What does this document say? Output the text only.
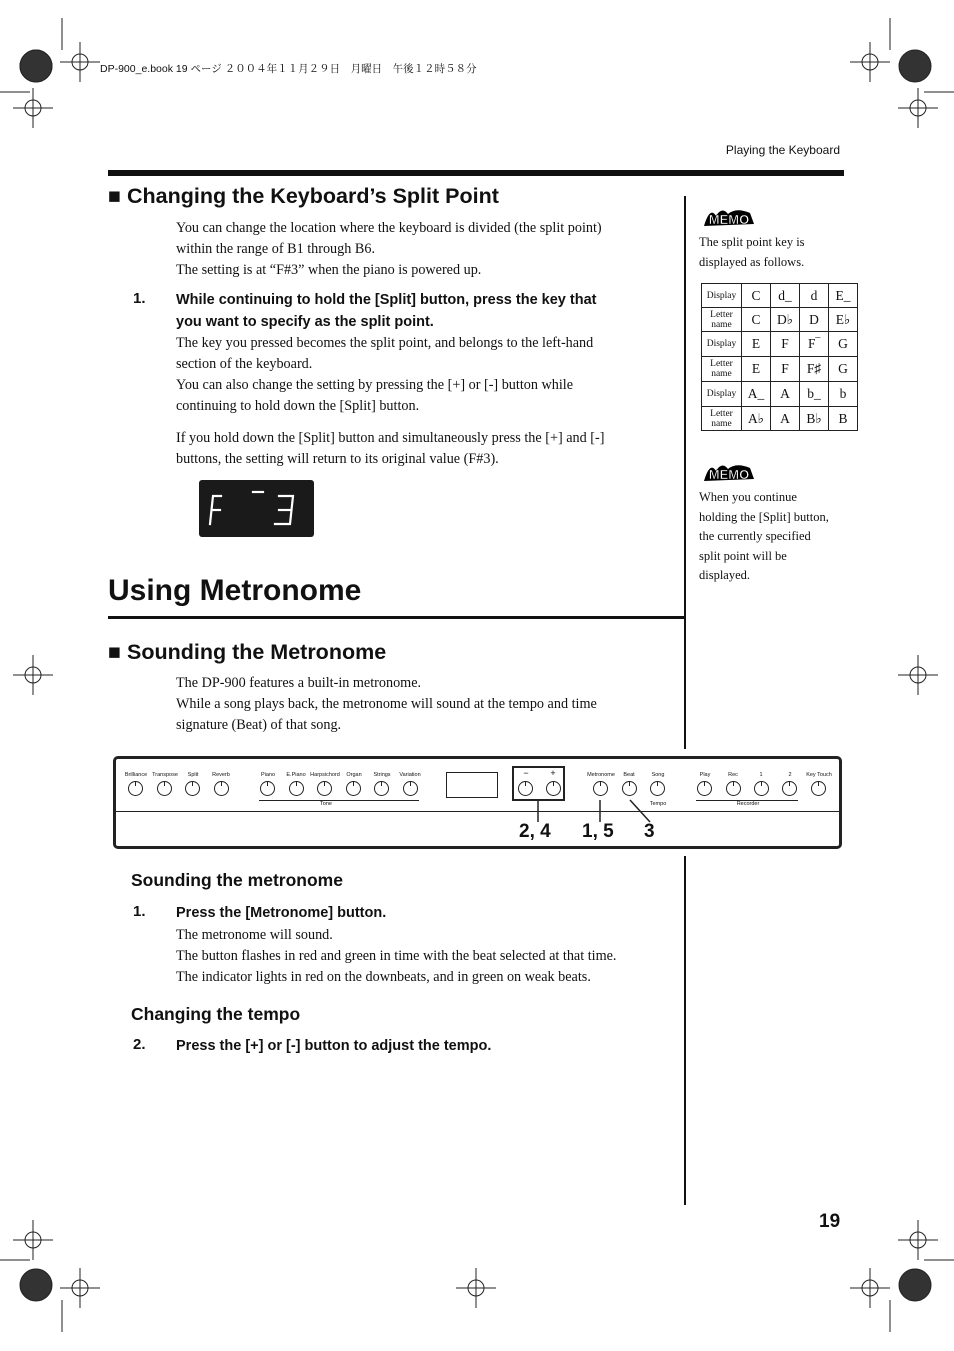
DP-900_e.book 19 ページ ２００４年１１月２９日　月曜日　午後１２時５８分
Playing the Keyboard
■ Changing the Keyboard’s Split Point
You can change the location where the keyboard is divided (the split point)
within the range of B1 through B6.
The setting is at “F#3” when the piano is powered up.
1. While continuing to hold the [Split] button, press the key that
you want to specify as the split point.
The key you pressed becomes the split point, and belongs to the left-hand
section of the keyboard.
You can also change the setting by pressing the [+] or [-] button while
continuing to hold down the [Split] button.
If you hold down the [Split] button and simultaneously press the [+] and [-]
buttons, the setting will return to its original value (F#3).
MEMO
The split point key is
displayed as follows.
Display	C	d_	d	E_
Letter
name	C	D♭	D	E♭
Display	E	F	F‾	G
Letter
name	E	F	F♯	G
Display	A_	A	b_	b
Letter
name	A♭	A	B♭	B
MEMO
When you continue
holding the [Split] button,
the currently specified
split point will be
displayed.
Using Metronome
■ Sounding the Metronome
The DP-900 features a built-in metronome.
While a song plays back, the metronome will sound at the tempo and time
signature (Beat) of that song.
Brilliance Transpose Split	Reverb	Piano E.Piano Harpsichord Organ Strings Variation
Tone
− +	Metronome Beat	Song
Tempo
Play	Rec	1	2
Recorder
Key Touch
2, 4 1, 5 3
Sounding the metronome
1. Press the [Metronome] button.
The metronome will sound.
The button flashes in red and green in time with the beat selected at that time.
The indicator lights in red on the downbeats, and in green on weak beats.
Changing the tempo
2. Press the [+] or [-] button to adjust the tempo.
19
